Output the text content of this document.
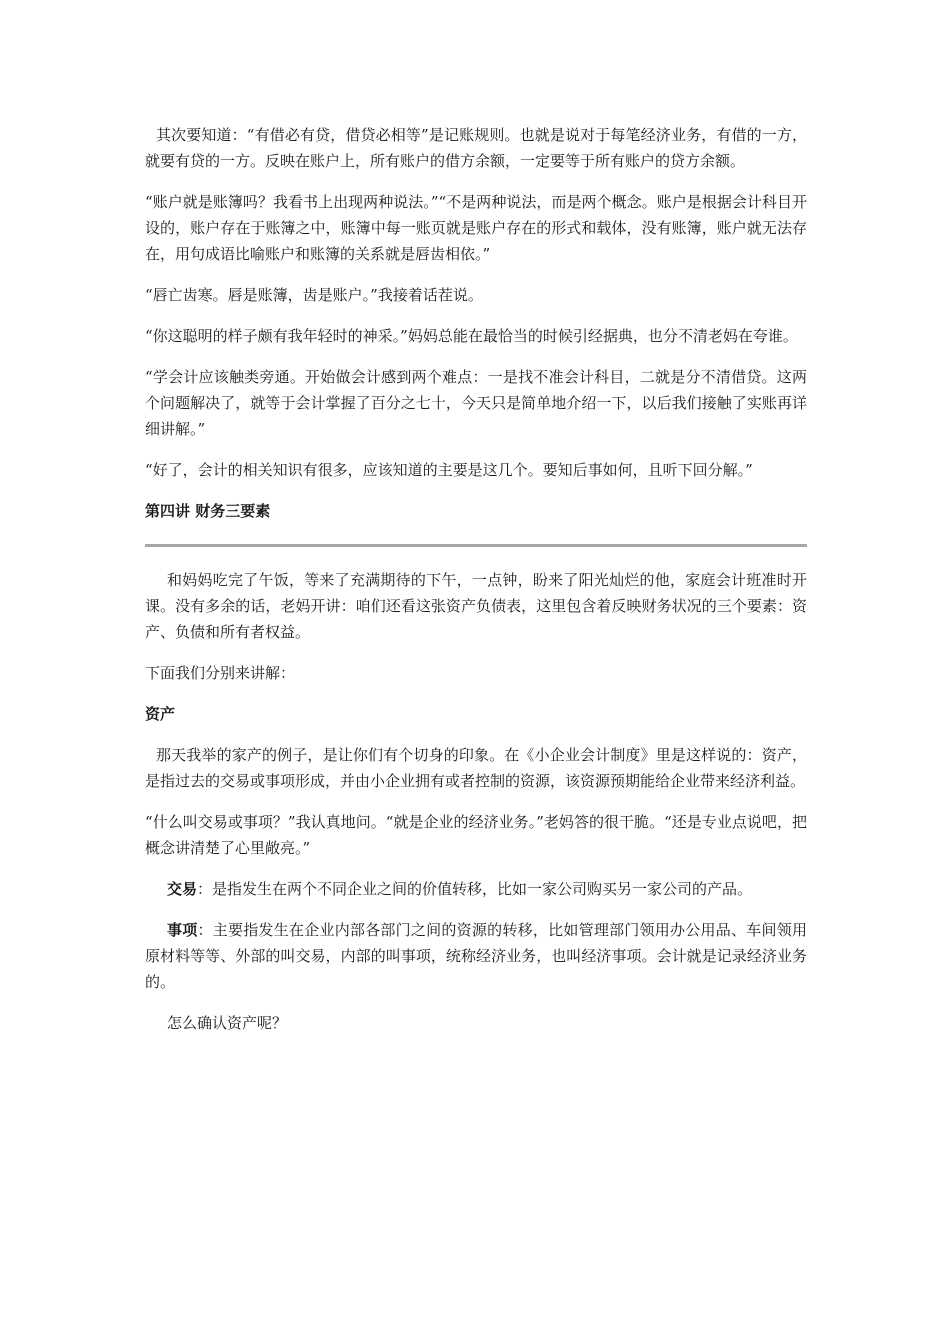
其次要知道：“有借必有贷，借贷必相等”是记账规则。也就是说对于每笔经济业务，有借的一方，就要有贷的一方。反映在账户上，所有账户的借方余额，一定要等于所有账户的贷方余额。

“账户就是账簿吗？我看书上出现两种说法。”“不是两种说法，而是两个概念。账户是根据会计科目开设的，账户存在于账簿之中，账簿中每一账页就是账户存在的形式和载体，没有账簿，账户就无法存在，用句成语比喻账户和账簿的关系就是唇齿相依。”

“唇亡齿寒。唇是账簿，齿是账户。”我接着话茬说。

“你这聪明的样子颇有我年轻时的神采。”妈妈总能在最恰当的时候引经据典，也分不清老妈在夸谁。

“学会计应该触类旁通。开始做会计感到两个难点：一是找不准会计科目，二就是分不清借贷。这两个问题解决了，就等于会计掌握了百分之七十，今天只是简单地介绍一下，以后我们接触了实账再详细讲解。”

“好了，会计的相关知识有很多，应该知道的主要是这几个。要知后事如何，且听下回分解。”

第四讲 财务三要素

和妈妈吃完了午饭，等来了充满期待的下午，一点钟，盼来了阳光灿烂的他，家庭会计班准时开课。没有多余的话，老妈开讲：咱们还看这张资产负债表，这里包含着反映财务状况的三个要素：资产、负债和所有者权益。

下面我们分别来讲解：

资产

那天我举的家产的例子，是让你们有个切身的印象。在《小企业会计制度》里是这样说的：资产，是指过去的交易或事项形成，并由小企业拥有或者控制的资源，该资源预期能给企业带来经济利益。

“什么叫交易或事项？”我认真地问。“就是企业的经济业务。”老妈答的很干脆。“还是专业点说吧，把概念讲清楚了心里敞亮。”

交易：是指发生在两个不同企业之间的价值转移，比如一家公司购买另一家公司的产品。

事项：主要指发生在企业内部各部门之间的资源的转移，比如管理部门领用办公用品、车间领用原材料等等、外部的叫交易，内部的叫事项，统称经济业务，也叫经济事项。会计就是记录经济业务的。

怎么确认资产呢？
